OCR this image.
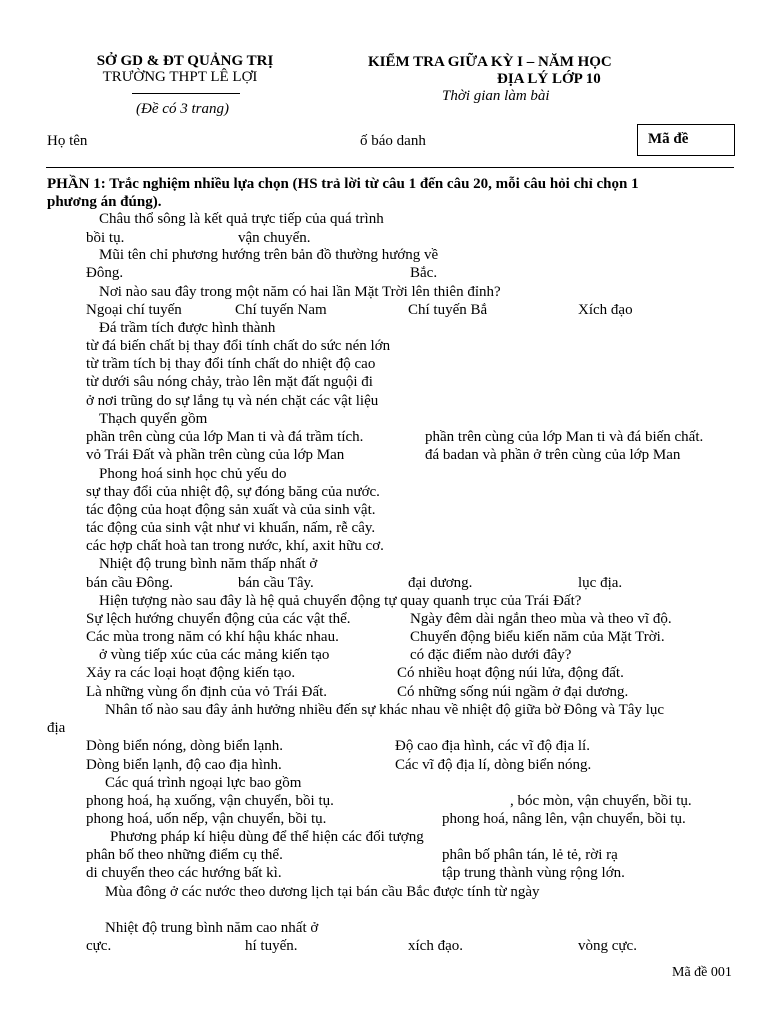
SỞ GD & ĐT QUẢNG TRỊ
TRƯỜNG THPT LÊ LỢI
(Đề có 3 trang)
KIỂM TRA GIỮA KỲ I – NĂM HỌC
ĐỊA LÝ LỚP 10
Thời gian làm bài
Họ tên	ố báo danh	Mã đề
PHẦN 1: Trắc nghiệm nhiều lựa chọn (HS trả lời từ câu 1 đến câu 20, mỗi câu hỏi chỉ chọn 1
phương án đúng).
Châu thổ sông là kết quả trực tiếp của quá trình
bồi tụ.	vận chuyển.
Mũi tên chỉ phương hướng trên bản đồ thường hướng về
Đông.	Bắc.
Nơi nào sau đây trong một năm có hai lần Mặt Trời lên thiên đỉnh?
Ngoại chí tuyến	Chí tuyến Nam	Chí tuyến Bắ	Xích đạo
Đá trầm tích được hình thành
từ đá biến chất bị thay đổi tính chất do sức nén lớn
từ trầm tích bị thay đổi tính chất do nhiệt độ cao
từ dưới sâu nóng chảy, trào lên mặt đất nguội đi
ở nơi trũng do sự lắng tụ và nén chặt các vật liệu
Thạch quyển gồm
phần trên cùng của lớp Man ti và đá trầm tích.	phần trên cùng của lớp Man ti và đá biến chất.
vỏ Trái Đất và phần trên cùng của lớp Man	đá badan và phần ở trên cùng của lớp Man
Phong hoá sinh học chủ yếu do
sự thay đổi của nhiệt độ, sự đóng băng của nước.
tác động của hoạt động sản xuất và của sinh vật.
tác động của sinh vật như vi khuẩn, nấm, rễ cây.
các hợp chất hoà tan trong nước, khí, axit hữu cơ.
Nhiệt độ trung bình năm thấp nhất ở
bán cầu Đông.	bán cầu Tây.	đại dương.	lục địa.
Hiện tượng nào sau đây là hệ quả chuyển động tự quay quanh trục của Trái Đất?
Sự lệch hướng chuyển động của các vật thể.	Ngày đêm dài ngắn theo mùa và theo vĩ độ.
Các mùa trong năm có khí hậu khác nhau.	Chuyển động biểu kiến năm của Mặt Trời.
ở vùng tiếp xúc của các mảng kiến tạo	có đặc điểm nào dưới đây?
Xảy ra các loại hoạt động kiến tạo.	Có nhiều hoạt động núi lửa, động đất.
Là những vùng ổn định của vỏ Trái Đất.	Có những sống núi ngầm ở đại dương.
Nhân tố nào sau đây ảnh hưởng nhiều đến sự khác nhau về nhiệt độ giữa bờ Đông và Tây lục
địa
Dòng biển nóng, dòng biển lạnh.	Độ cao địa hình, các vĩ độ địa lí.
Dòng biển lạnh, độ cao địa hình.	Các vĩ độ địa lí, dòng biển nóng.
Các quá trình ngoại lực bao gồm
phong hoá, hạ xuống, vận chuyển, bồi tụ.	, bóc mòn, vận chuyển, bồi tụ.
phong hoá, uốn nếp, vận chuyển, bồi tụ.	phong hoá, nâng lên, vận chuyển, bồi tụ.
Phương pháp kí hiệu dùng để thể hiện các đối tượng
phân bố theo những điểm cụ thể.	phân bố phân tán, lẻ tẻ, rời rạ
di chuyển theo các hướng bất kì.	tập trung thành vùng rộng lớn.
Mùa đông ở các nước theo dương lịch tại bán cầu Bắc được tính từ ngày
Nhiệt độ trung bình năm cao nhất ở
cực.	hí tuyến.	xích đạo.	vòng cực.
Mã đề 001
